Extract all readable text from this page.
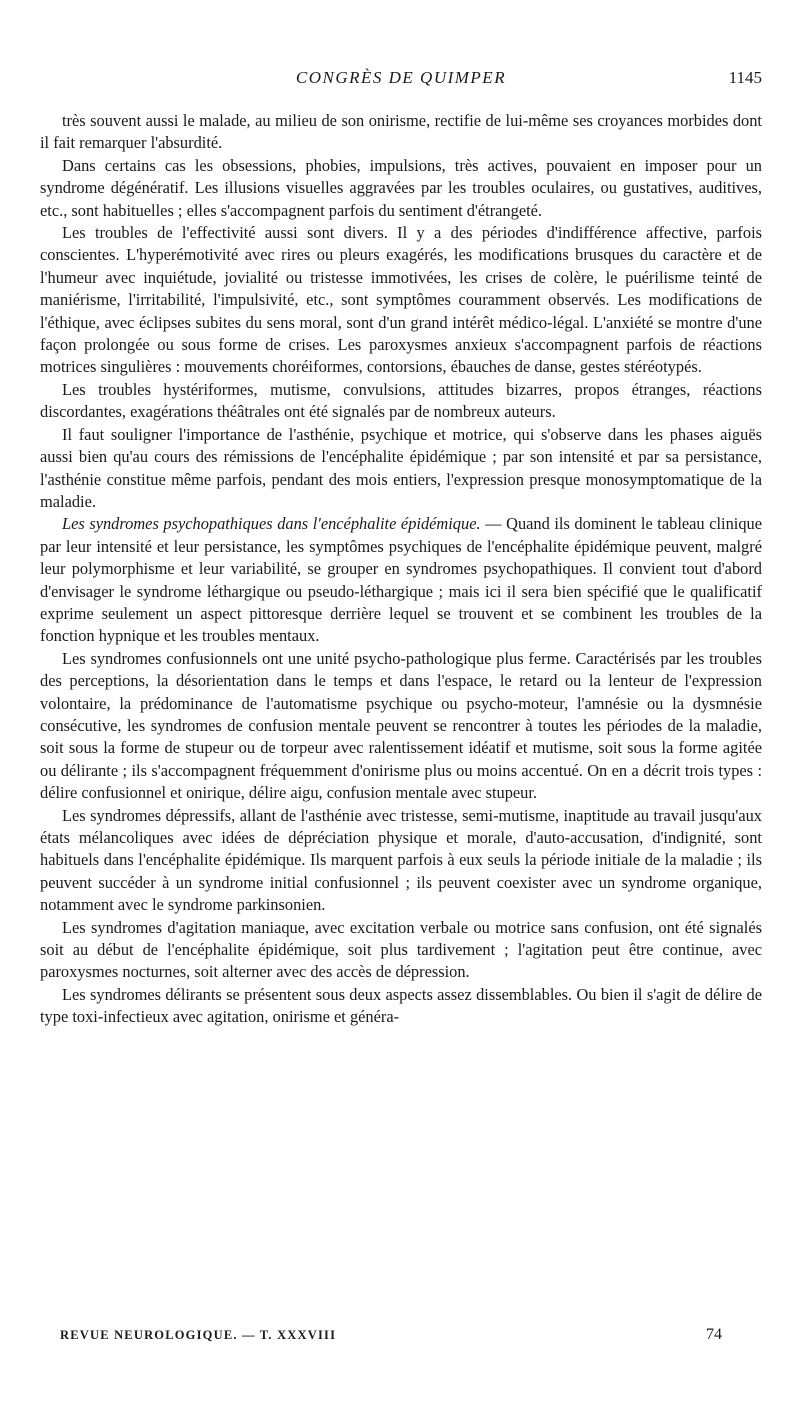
CONGRÈS DE QUIMPER	1145

très souvent aussi le malade, au milieu de son onirisme, rectifie de lui-même ses croyances morbides dont il fait remarquer l'absurdité.

Dans certains cas les obsessions, phobies, impulsions, très actives, pouvaient en imposer pour un syndrome dégénératif. Les illusions visuelles aggravées par les troubles oculaires, ou gustatives, auditives, etc., sont habituelles ; elles s'accompagnent parfois du sentiment d'étrangeté.

Les troubles de l'effectivité aussi sont divers. Il y a des périodes d'indifférence affective, parfois conscientes. L'hyperémotivité avec rires ou pleurs exagérés, les modifications brusques du caractère et de l'humeur avec inquiétude, jovialité ou tristesse immotivées, les crises de colère, le puérilisme teinté de maniérisme, l'irritabilité, l'impulsivité, etc., sont symptômes couramment observés. Les modifications de l'éthique, avec éclipses subites du sens moral, sont d'un grand intérêt médico-légal. L'anxiété se montre d'une façon prolongée ou sous forme de crises. Les paroxysmes anxieux s'accompagnent parfois de réactions motrices singulières : mouvements choréiformes, contorsions, ébauches de danse, gestes stéréotypés.

Les troubles hystériformes, mutisme, convulsions, attitudes bizarres, propos étranges, réactions discordantes, exagérations théâtrales ont été signalés par de nombreux auteurs.

Il faut souligner l'importance de l'asthénie, psychique et motrice, qui s'observe dans les phases aiguës aussi bien qu'au cours des rémissions de l'encéphalite épidémique ; par son intensité et par sa persistance, l'asthénie constitue même parfois, pendant des mois entiers, l'expression presque monosymptomatique de la maladie.

Les syndromes psychopathiques dans l'encéphalite épidémique. — Quand ils dominent le tableau clinique par leur intensité et leur persistance, les symptômes psychiques de l'encéphalite épidémique peuvent, malgré leur polymorphisme et leur variabilité, se grouper en syndromes psychopathiques. Il convient tout d'abord d'envisager le syndrome léthargique ou pseudo-léthargique ; mais ici il sera bien spécifié que le qualificatif exprime seulement un aspect pittoresque derrière lequel se trouvent et se combinent les troubles de la fonction hypnique et les troubles mentaux.

Les syndromes confusionnels ont une unité psycho-pathologique plus ferme. Caractérisés par les troubles des perceptions, la désorientation dans le temps et dans l'espace, le retard ou la lenteur de l'expression volontaire, la prédominance de l'automatisme psychique ou psycho-moteur, l'amnésie ou la dysmnésie consécutive, les syndromes de confusion mentale peuvent se rencontrer à toutes les périodes de la maladie, soit sous la forme de stupeur ou de torpeur avec ralentissement idéatif et mutisme, soit sous la forme agitée ou délirante ; ils s'accompagnent fréquemment d'onirisme plus ou moins accentué. On en a décrit trois types : délire confusionnel et onirique, délire aigu, confusion mentale avec stupeur.

Les syndromes dépressifs, allant de l'asthénie avec tristesse, semi-mutisme, inaptitude au travail jusqu'aux états mélancoliques avec idées de dépréciation physique et morale, d'auto-accusation, d'indignité, sont habituels dans l'encéphalite épidémique. Ils marquent parfois à eux seuls la période initiale de la maladie ; ils peuvent succéder à un syndrome initial confusionnel ; ils peuvent coexister avec un syndrome organique, notamment avec le syndrome parkinsonien.

Les syndromes d'agitation maniaque, avec excitation verbale ou motrice sans confusion, ont été signalés soit au début de l'encéphalite épidémique, soit plus tardivement ; l'agitation peut être continue, avec paroxysmes nocturnes, soit alterner avec des accès de dépression.

Les syndromes délirants se présentent sous deux aspects assez dissemblables. Ou bien il s'agit de délire de type toxi-infectieux avec agitation, onirisme et généra-

REVUE NEUROLOGIQUE. — T. XXXVIII	74
